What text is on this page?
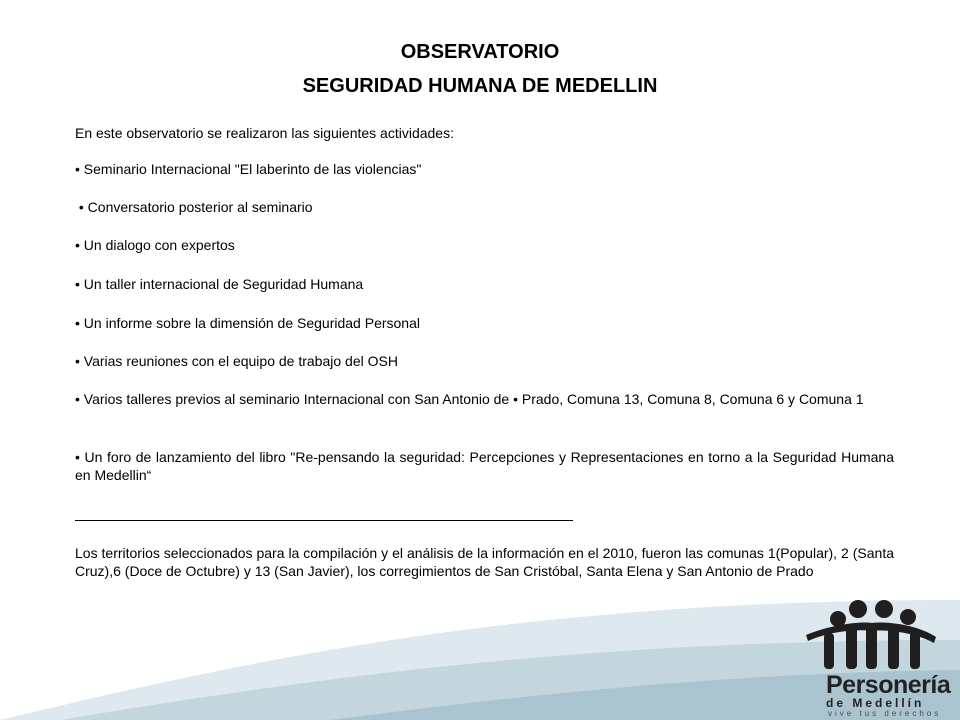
OBSERVATORIO
SEGURIDAD HUMANA DE MEDELLIN
En este observatorio se realizaron las siguientes actividades:
• Seminario Internacional "El laberinto de las violencias"
• Conversatorio posterior al seminario
• Un dialogo con expertos
• Un taller internacional de Seguridad Humana
• Un informe sobre la dimensión de Seguridad Personal
• Varias reuniones con el equipo de trabajo del OSH
• Varios talleres previos al seminario Internacional con San Antonio de • Prado, Comuna 13, Comuna 8, Comuna 6 y Comuna 1
• Un foro de lanzamiento del libro "Re-pensando la seguridad: Percepciones y Representaciones en torno a la Seguridad Humana en Medellin“
Los territorios seleccionados para la compilación y el análisis de la información en el 2010, fueron las comunas 1(Popular), 2 (Santa Cruz),6 (Doce de Octubre) y 13 (San Javier), los corregimientos de San Cristóbal, Santa Elena y San Antonio de Prado
Personería
de Medellín
vive tus derechos
